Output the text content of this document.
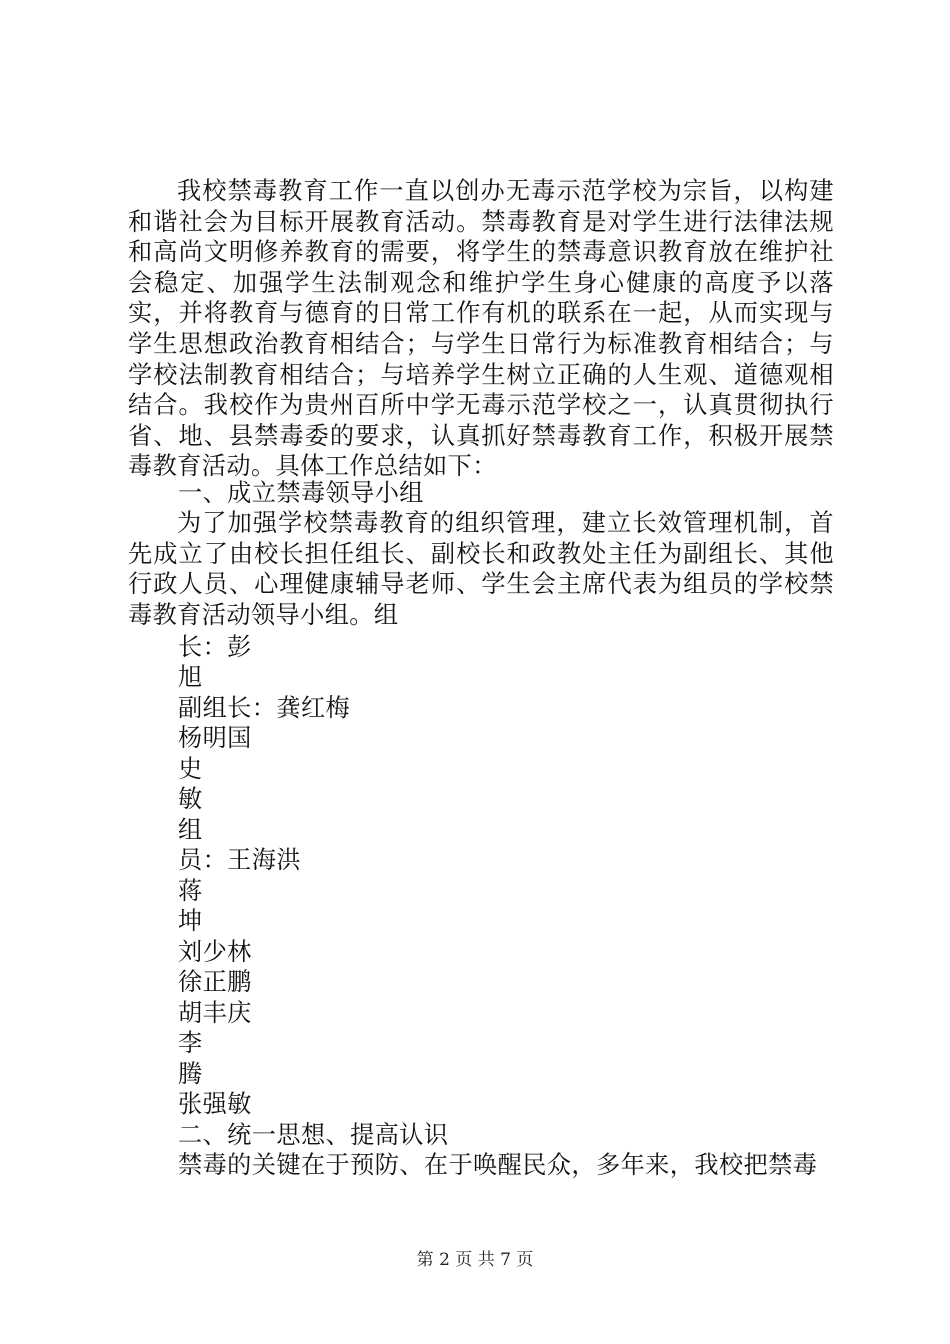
我校禁毒教育工作一直以创办无毒示范学校为宗旨，以构建和谐社会为目标开展教育活动。禁毒教育是对学生进行法律法规和高尚文明修养教育的需要，将学生的禁毒意识教育放在维护社会稳定、加强学生法制观念和维护学生身心健康的高度予以落实，并将教育与德育的日常工作有机的联系在一起，从而实现与学生思想政治教育相结合；与学生日常行为标准教育相结合；与学校法制教育相结合；与培养学生树立正确的人生观、道德观相结合。我校作为贵州百所中学无毒示范学校之一，认真贯彻执行省、地、县禁毒委的要求，认真抓好禁毒教育工作，积极开展禁毒教育活动。具体工作总结如下：

一、成立禁毒领导小组

为了加强学校禁毒教育的组织管理，建立长效管理机制，首先成立了由校长担任组长、副校长和政教处主任为副组长、其他行政人员、心理健康辅导老师、学生会主席代表为组员的学校禁毒教育活动领导小组。组

长：彭

旭

副组长：龚红梅

杨明国

史

敏

组

员：王海洪

蒋

坤

刘少林

徐正鹏

胡丰庆

李

腾

张强敏

二、统一思想、提高认识

禁毒的关键在于预防、在于唤醒民众，多年来，我校把禁毒

第 2 页 共 7 页
